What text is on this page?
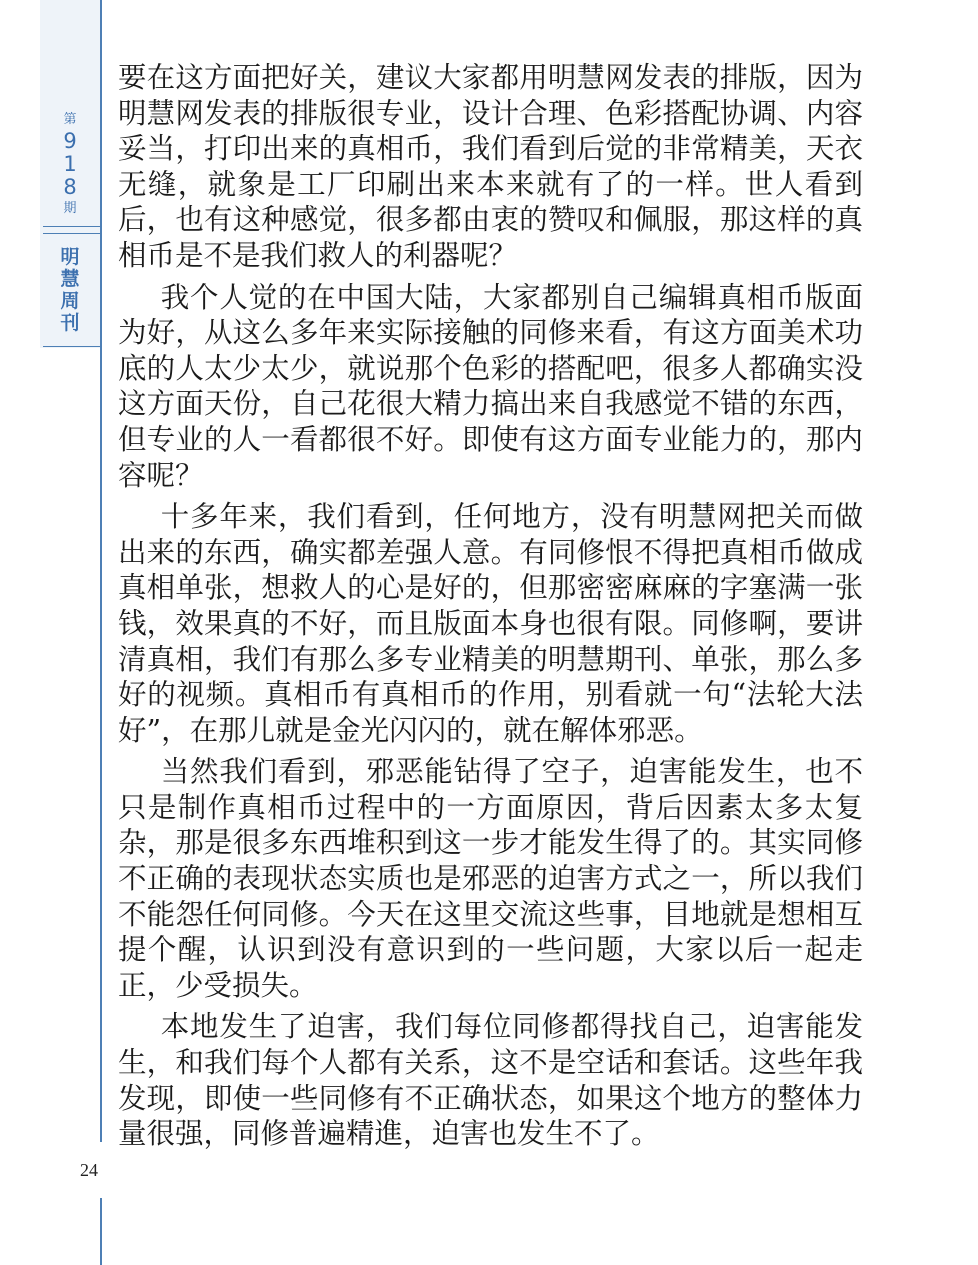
第
9
1
8
期
明
慧
周
刊
24

要在这方面把好关，建议大家都用明慧网发表的排版，因为明慧网发表的排版很专业，设计合理、色彩搭配协调、内容妥当，打印出来的真相币，我们看到后觉的非常精美，天衣无缝，就象是工厂印刷出来本来就有了的一样。世人看到后，也有这种感觉，很多都由衷的赞叹和佩服，那这样的真相币是不是我们救人的利器呢？

我个人觉的在中国大陆，大家都别自己编辑真相币版面为好，从这么多年来实际接触的同修来看，有这方面美术功底的人太少太少，就说那个色彩的搭配吧，很多人都确实没这方面天份，自己花很大精力搞出来自我感觉不错的东西，但专业的人一看都很不好。即使有这方面专业能力的，那内容呢？

十多年来，我们看到，任何地方，没有明慧网把关而做出来的东西，确实都差强人意。有同修恨不得把真相币做成真相单张，想救人的心是好的，但那密密麻麻的字塞满一张钱，效果真的不好，而且版面本身也很有限。同修啊，要讲清真相，我们有那么多专业精美的明慧期刊、单张，那么多好的视频。真相币有真相币的作用，别看就一句“法轮大法好”，在那儿就是金光闪闪的，就在解体邪恶。

当然我们看到，邪恶能钻得了空子，迫害能发生，也不只是制作真相币过程中的一方面原因，背后因素太多太复杂，那是很多东西堆积到这一步才能发生得了的。其实同修不正确的表现状态实质也是邪恶的迫害方式之一，所以我们不能怨任何同修。今天在这里交流这些事，目地就是想相互提个醒，认识到没有意识到的一些问题，大家以后一起走正，少受损失。

本地发生了迫害，我们每位同修都得找自己，迫害能发生，和我们每个人都有关系，这不是空话和套话。这些年我发现，即使一些同修有不正确状态，如果这个地方的整体力量很强，同修普遍精進，迫害也发生不了。
